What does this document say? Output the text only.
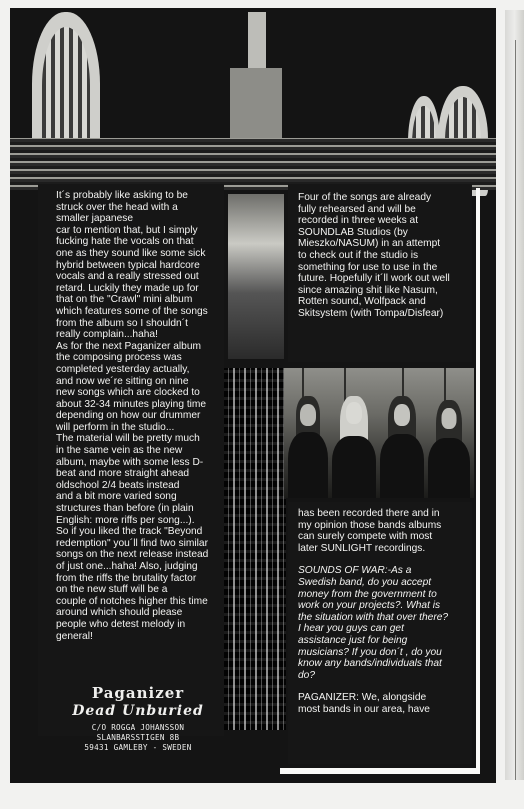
It´s probably like asking to be
struck over the head with a
smaller japanese
car to mention that, but I simply
fucking hate the vocals on that
one as they sound like some sick
hybrid between typical hardcore
vocals and a really stressed out
retard. Luckily they made up for
that on the "Crawl" mini album
which features some of the songs
from the album so I shouldn´t
really complain...haha!
As for the next Paganizer album
the composing process was
completed yesterday actually,
and now we´re sitting on nine
new songs which are clocked to
about 32-34 minutes playing time
depending on how our drummer
will perform in the studio...
The material will be pretty much
in the same vein as the new
album, maybe with some less D-
beat and more straight ahead
oldschool 2/4 beats instead
and a bit more varied song
structures than before (in plain
English: more riffs per song...).
So if you liked the track "Beyond
redemption" you´ll find two similar
songs on the next release instead
of just one...haha! Also, judging
from the riffs the brutality factor
on the new stuff will be a
couple of notches higher this time
around which should please
people who detest melody in
general!

Paganizer
Dead Unburied
C/O ROGGA JOHANSSON
SLANBARSSTIGEN 8B
59431 GAMLEBY - SWEDEN

Four of the songs are already
fully rehearsed and will be
recorded in three weeks at
SOUNDLAB Studios (by
Mieszko/NASUM) in an attempt
to check out if the studio is
something for use to use in the
future. Hopefully it´ll work out well
since amazing shit like Nasum,
Rotten sound, Wolfpack and
Skitsystem (with Tompa/Disfear)

has been recorded there and in
my opinion those bands albums
can surely compete with most
later SUNLIGHT recordings.

SOUNDS OF WAR:-As a
Swedish band, do you accept
money from the government to
work on your projects?. What is
the situation with that over there?
I hear you guys can get
assistance just for being
musicians? If you don´t , do you
know any bands/individuals that
do?

PAGANIZER: We, alongside
most bands in our area, have
